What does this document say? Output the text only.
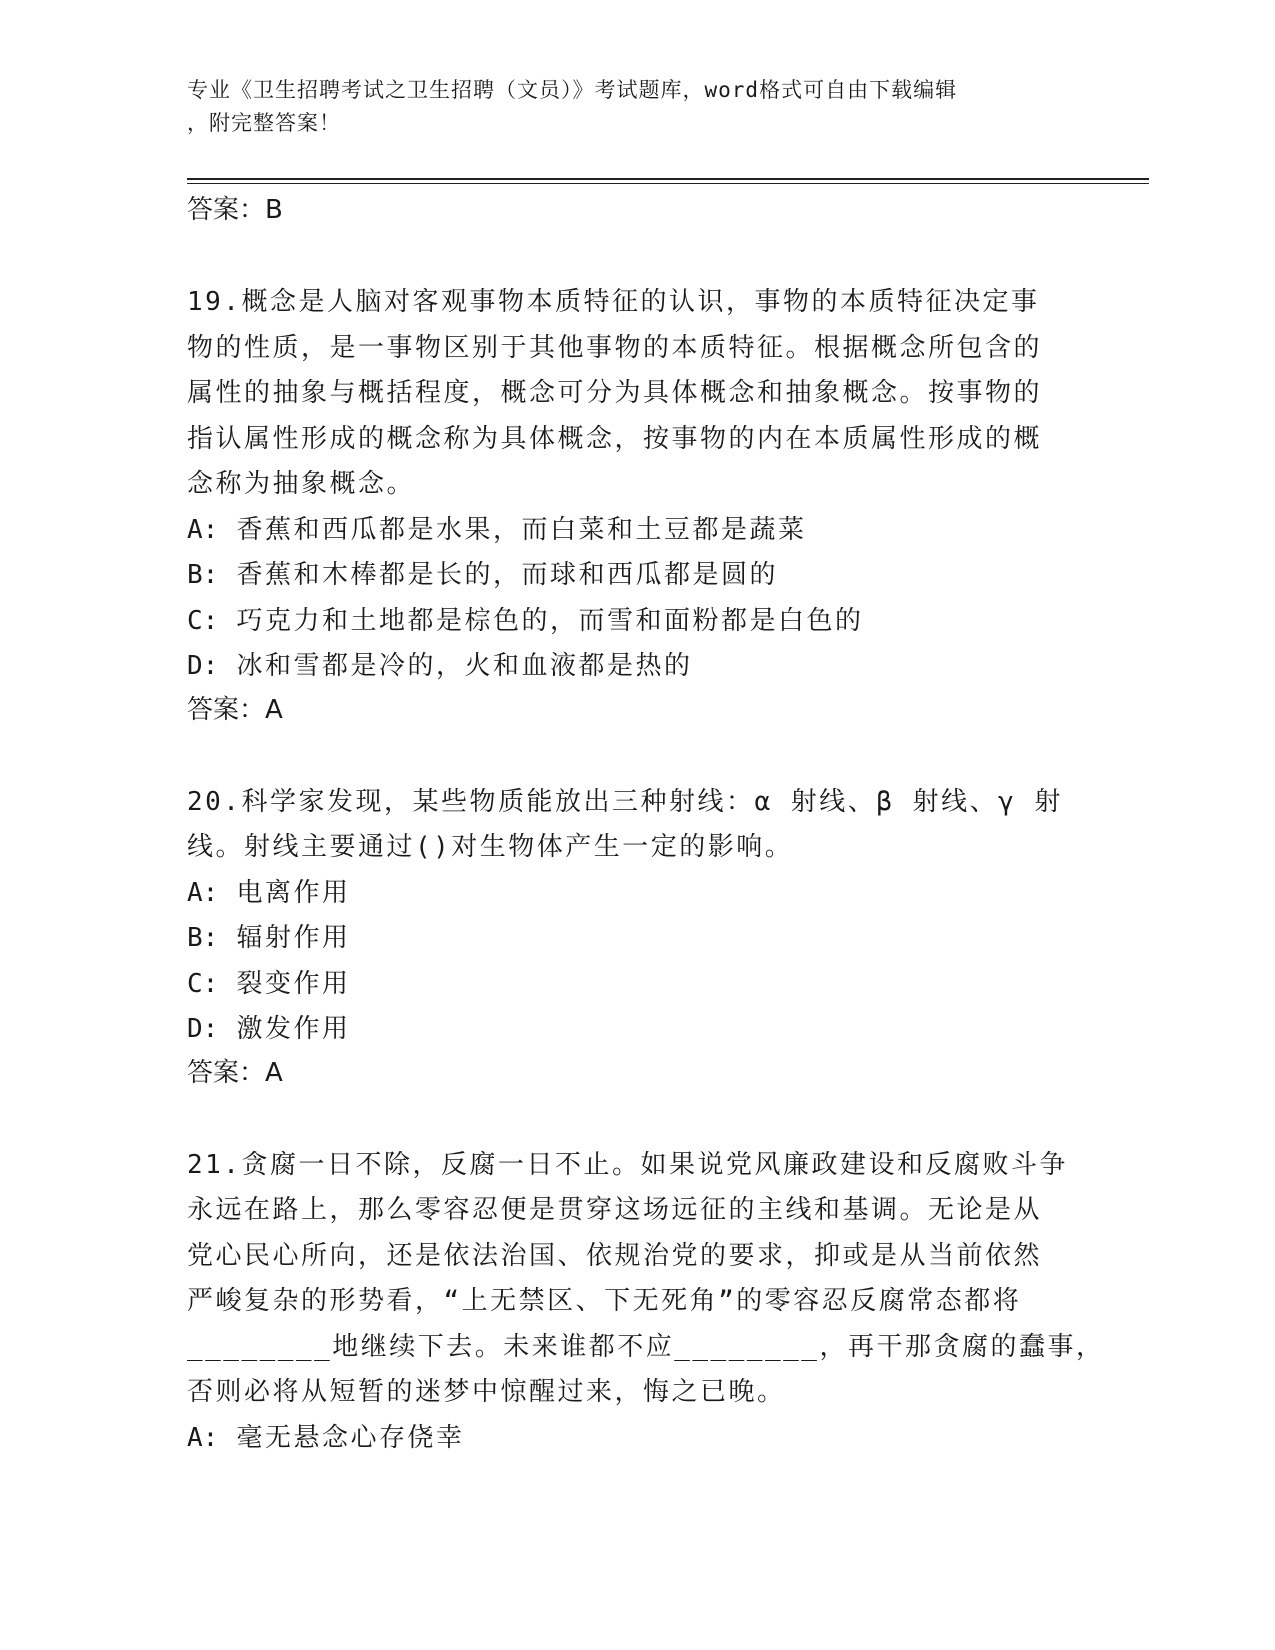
专业《卫生招聘考试之卫生招聘（文员）》考试题库，word格式可自由下载编辑
，附完整答案！

答案：B

19.概念是人脑对客观事物本质特征的认识，事物的本质特征决定事物的性质，是一事物区别于其他事物的本质特征。根据概念所包含的属性的抽象与概括程度，概念可分为具体概念和抽象概念。按事物的指认属性形成的概念称为具体概念，按事物的内在本质属性形成的概念称为抽象概念。

A: 香蕉和西瓜都是水果，而白菜和土豆都是蔬菜

B: 香蕉和木棒都是长的，而球和西瓜都是圆的

C: 巧克力和土地都是棕色的，而雪和面粉都是白色的

D: 冰和雪都是冷的，火和血液都是热的

答案：A

20.科学家发现，某些物质能放出三种射线：α 射线、β 射线、γ 射线。射线主要通过()对生物体产生一定的影响。

A: 电离作用

B: 辐射作用

C: 裂变作用

D: 激发作用

答案：A

21.贪腐一日不除，反腐一日不止。如果说党风廉政建设和反腐败斗争
永远在路上，那么零容忍便是贯穿这场远征的主线和基调。无论是从
党心民心所向，还是依法治国、依规治党的要求，抑或是从当前依然
严峻复杂的形势看，“上无禁区、下无死角”的零容忍反腐常态都将
________地继续下去。未来谁都不应________，再干那贪腐的蠢事，
否则必将从短暂的迷梦中惊醒过来，悔之已晚。

A: 毫无悬念心存侥幸
